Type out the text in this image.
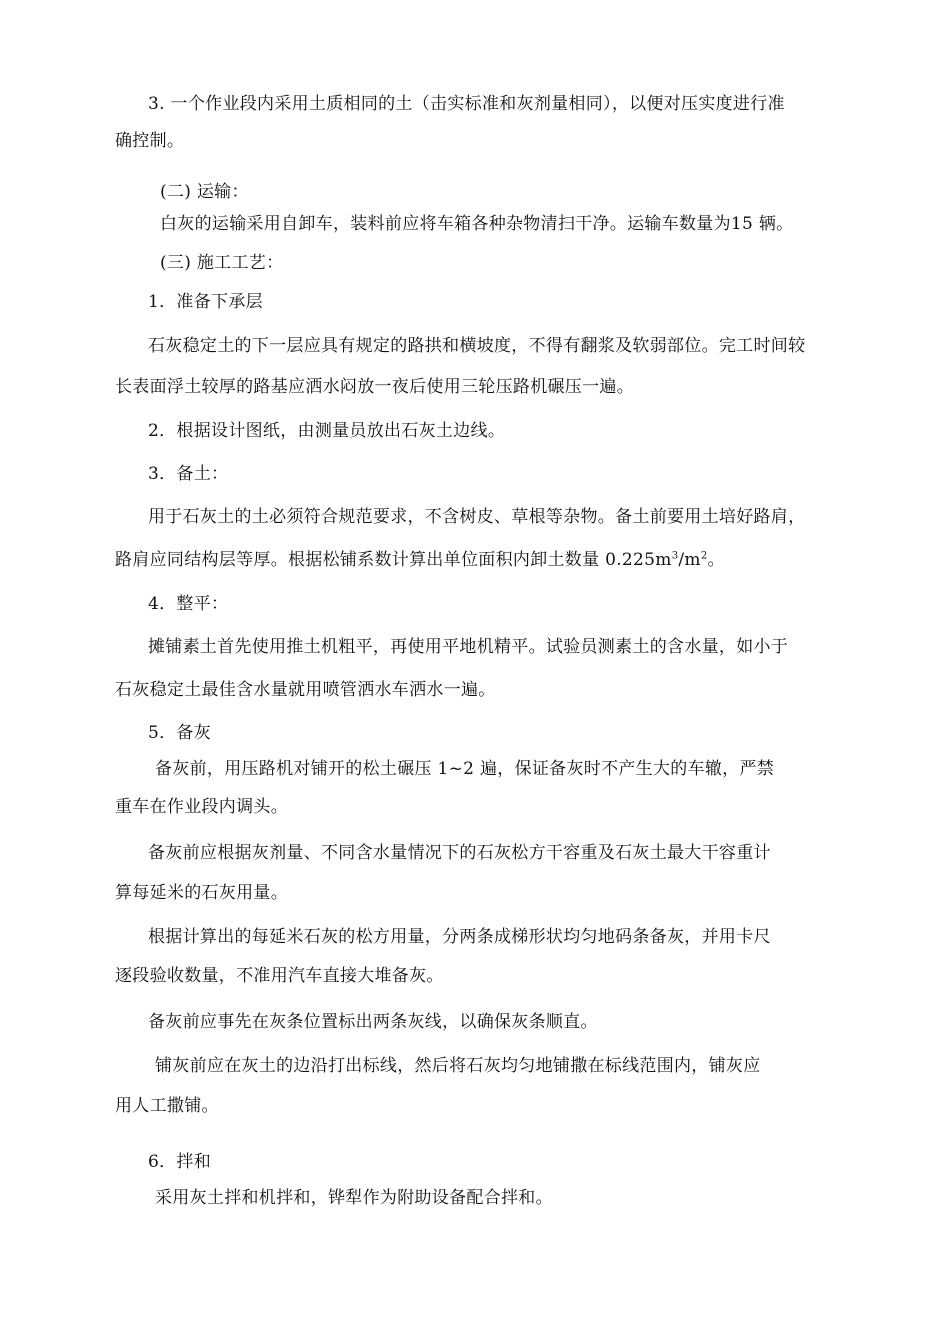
3. 一个作业段内采用土质相同的土（击实标准和灰剂量相同），以便对压实度进行准
确控制。
(二) 运输：
白灰的运输采用自卸车，装料前应将车箱各种杂物清扫干净。运输车数量为15 辆。
(三) 施工工艺：
1．准备下承层
石灰稳定土的下一层应具有规定的路拱和横坡度，不得有翻浆及软弱部位。完工时间较
长表面浮土较厚的路基应洒水闷放一夜后使用三轮压路机碾压一遍。
2．根据设计图纸，由测量员放出石灰土边线。
3．备土：
用于石灰土的土必须符合规范要求，不含树皮、草根等杂物。备土前要用土培好路肩，
路肩应同结构层等厚。根据松铺系数计算出单位面积内卸土数量 $0.225m^3/m^2$。
4．整平：
摊铺素土首先使用推土机粗平，再使用平地机精平。试验员测素土的含水量，如小于
石灰稳定土最佳含水量就用喷管洒水车洒水一遍。
5．备灰
备灰前，用压路机对铺开的松土碾压 1~2 遍，保证备灰时不产生大的车辙，严禁
重车在作业段内调头。
备灰前应根据灰剂量、不同含水量情况下的石灰松方干容重及石灰土最大干容重计
算每延米的石灰用量。
根据计算出的每延米石灰的松方用量，分两条成梯形状均匀地码条备灰，并用卡尺
逐段验收数量，不准用汽车直接大堆备灰。
备灰前应事先在灰条位置标出两条灰线，以确保灰条顺直。
铺灰前应在灰土的边沿打出标线，然后将石灰均匀地铺撒在标线范围内，铺灰应
用人工撒铺。
6．拌和
采用灰土拌和机拌和，铧犁作为附助设备配合拌和。
